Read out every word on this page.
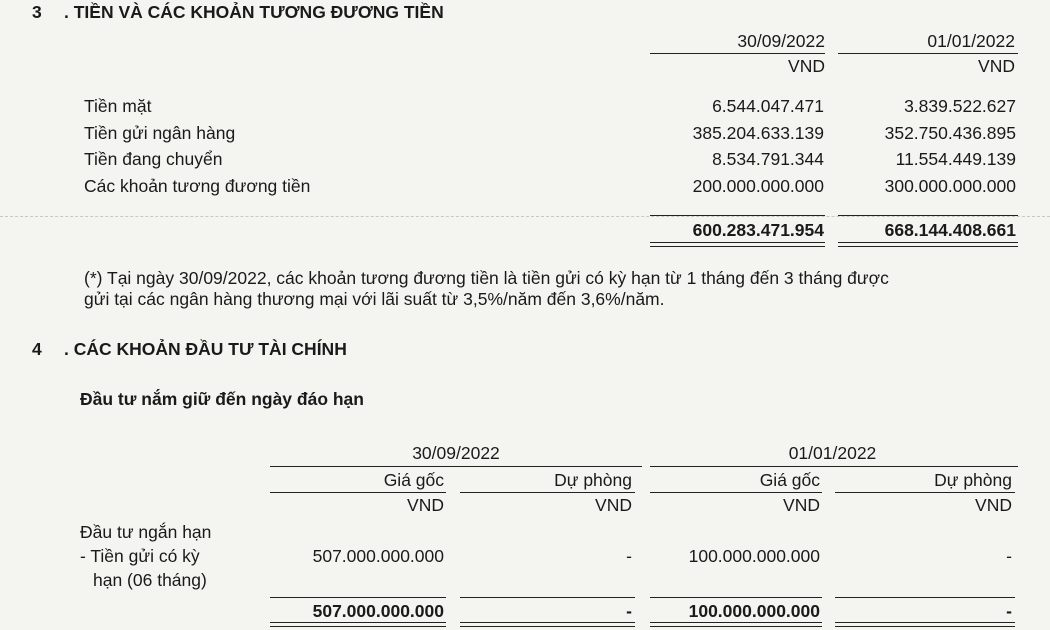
3 . TIỀN VÀ CÁC KHOẢN TƯƠNG ĐƯƠNG TIỀN
30/09/2022	01/01/2022
VND	VND
Tiền mặt	6.544.047.471	3.839.522.627
Tiền gửi ngân hàng	385.204.633.139	352.750.436.895
Tiền đang chuyển	8.534.791.344	11.554.449.139
Các khoản tương đương tiền	200.000.000.000	300.000.000.000
600.283.471.954	668.144.408.661
(*) Tại ngày 30/09/2022, các khoản tương đương tiền là tiền gửi có kỳ hạn từ 1 tháng đến 3 tháng được
gửi tại các ngân hàng thương mại với lãi suất từ 3,5%/năm đến 3,6%/năm.
4 . CÁC KHOẢN ĐẦU TƯ TÀI CHÍNH
Đầu tư nắm giữ đến ngày đáo hạn
30/09/2022	01/01/2022
Giá gốc	Dự phòng	Giá gốc	Dự phòng
VND	VND	VND	VND
Đầu tư ngắn hạn
- Tiền gửi có kỳ
hạn (06 tháng)
507.000.000.000	-	100.000.000.000	-
507.000.000.000	-	100.000.000.000	-
